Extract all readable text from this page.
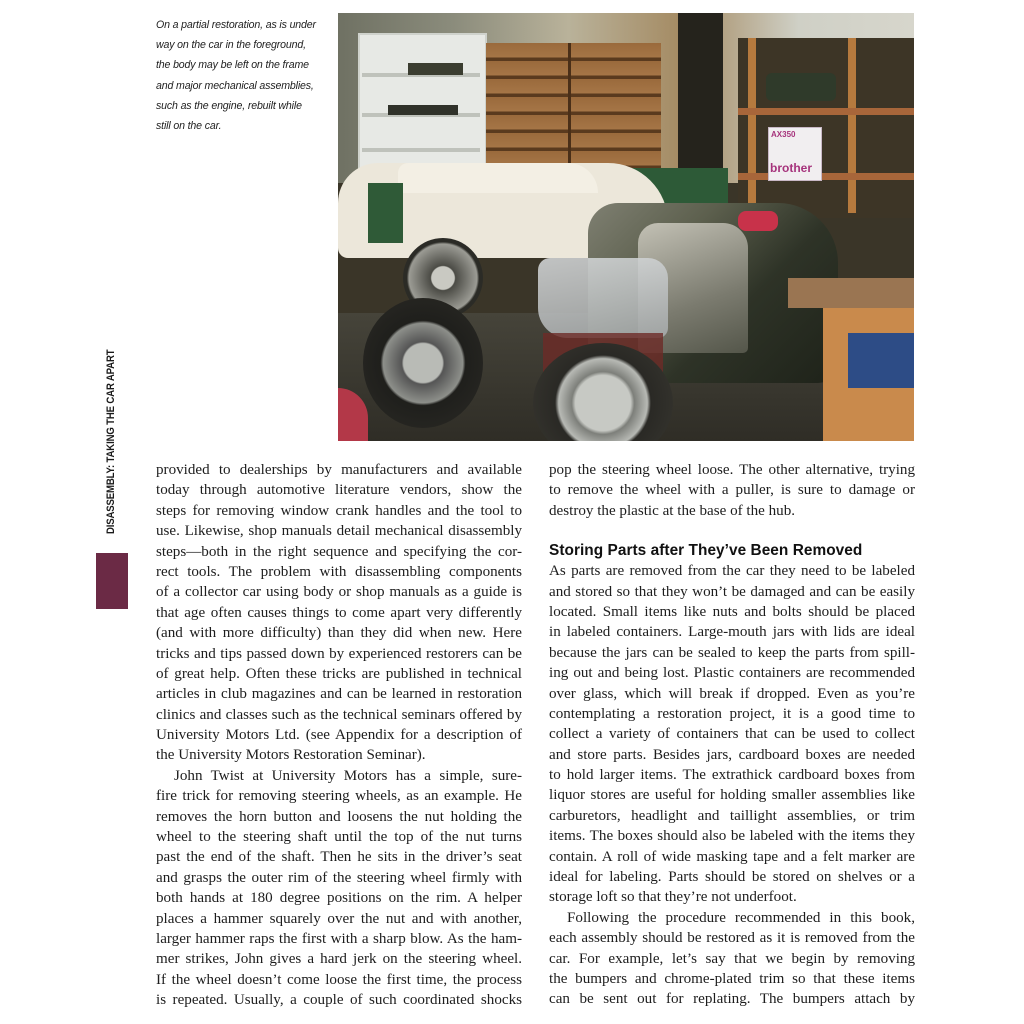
On a partial restoration, as is under
way on the car in the foreground,
the body may be left on the frame
and major mechanical assemblies,
such as the engine, rebuilt while
still on the car.
brother
AX350
DISASSEMBLY: TAKING THE CAR APART	provided to dealerships by manufacturers and available
today through automotive literature vendors, show the
steps for removing window crank handles and the tool to
use. Likewise, shop manuals detail mechanical disassembly
steps—both in the right sequence and specifying the cor-
rect tools. The problem with disassembling components
of a collector car using body or shop manuals as a guide is
that age often causes things to come apart very differently
(and with more difficulty) than they did when new. Here
tricks and tips passed down by experienced restorers can be
of great help. Often these tricks are published in technical
articles in club magazines and can be learned in restoration
clinics and classes such as the technical seminars offered by
University Motors Ltd. (see Appendix for a description of
the University Motors Restoration Seminar).
John Twist at University Motors has a simple, sure-
fire trick for removing steering wheels, as an example. He
removes the horn button and loosens the nut holding the
wheel to the steering shaft until the top of the nut turns
past the end of the shaft. Then he sits in the driver’s seat
and grasps the outer rim of the steering wheel firmly with
both hands at 180 degree positions on the rim. A helper
places a hammer squarely over the nut and with another,
larger hammer raps the first with a sharp blow. As the ham-
mer strikes, John gives a hard jerk on the steering wheel.
If the wheel doesn’t come loose the first time, the process
is repeated. Usually, a couple of such coordinated shocks
pop the steering wheel loose. The other alternative, trying
to remove the wheel with a puller, is sure to damage or
destroy the plastic at the base of the hub.
Storing Parts after They’ve Been Removed
As parts are removed from the car they need to be labeled
and stored so that they won’t be damaged and can be easily
located. Small items like nuts and bolts should be placed
in labeled containers. Large-mouth jars with lids are ideal
because the jars can be sealed to keep the parts from spill-
ing out and being lost. Plastic containers are recommended
over glass, which will break if dropped. Even as you’re
contemplating a restoration project, it is a good time to
collect a variety of containers that can be used to collect
and store parts. Besides jars, cardboard boxes are needed
to hold larger items. The extrathick cardboard boxes from
liquor stores are useful for holding smaller assemblies like
carburetors, headlight and taillight assemblies, or trim
items. The boxes should also be labeled with the items they
contain. A roll of wide masking tape and a felt marker are
ideal for labeling. Parts should be stored on shelves or a
storage loft so that they’re not underfoot.
Following the procedure recommended in this book,
each assembly should be restored as it is removed from the
car. For example, let’s say that we begin by removing
the bumpers and chrome-plated trim so that these items
can be sent out for replating. The bumpers attach by
